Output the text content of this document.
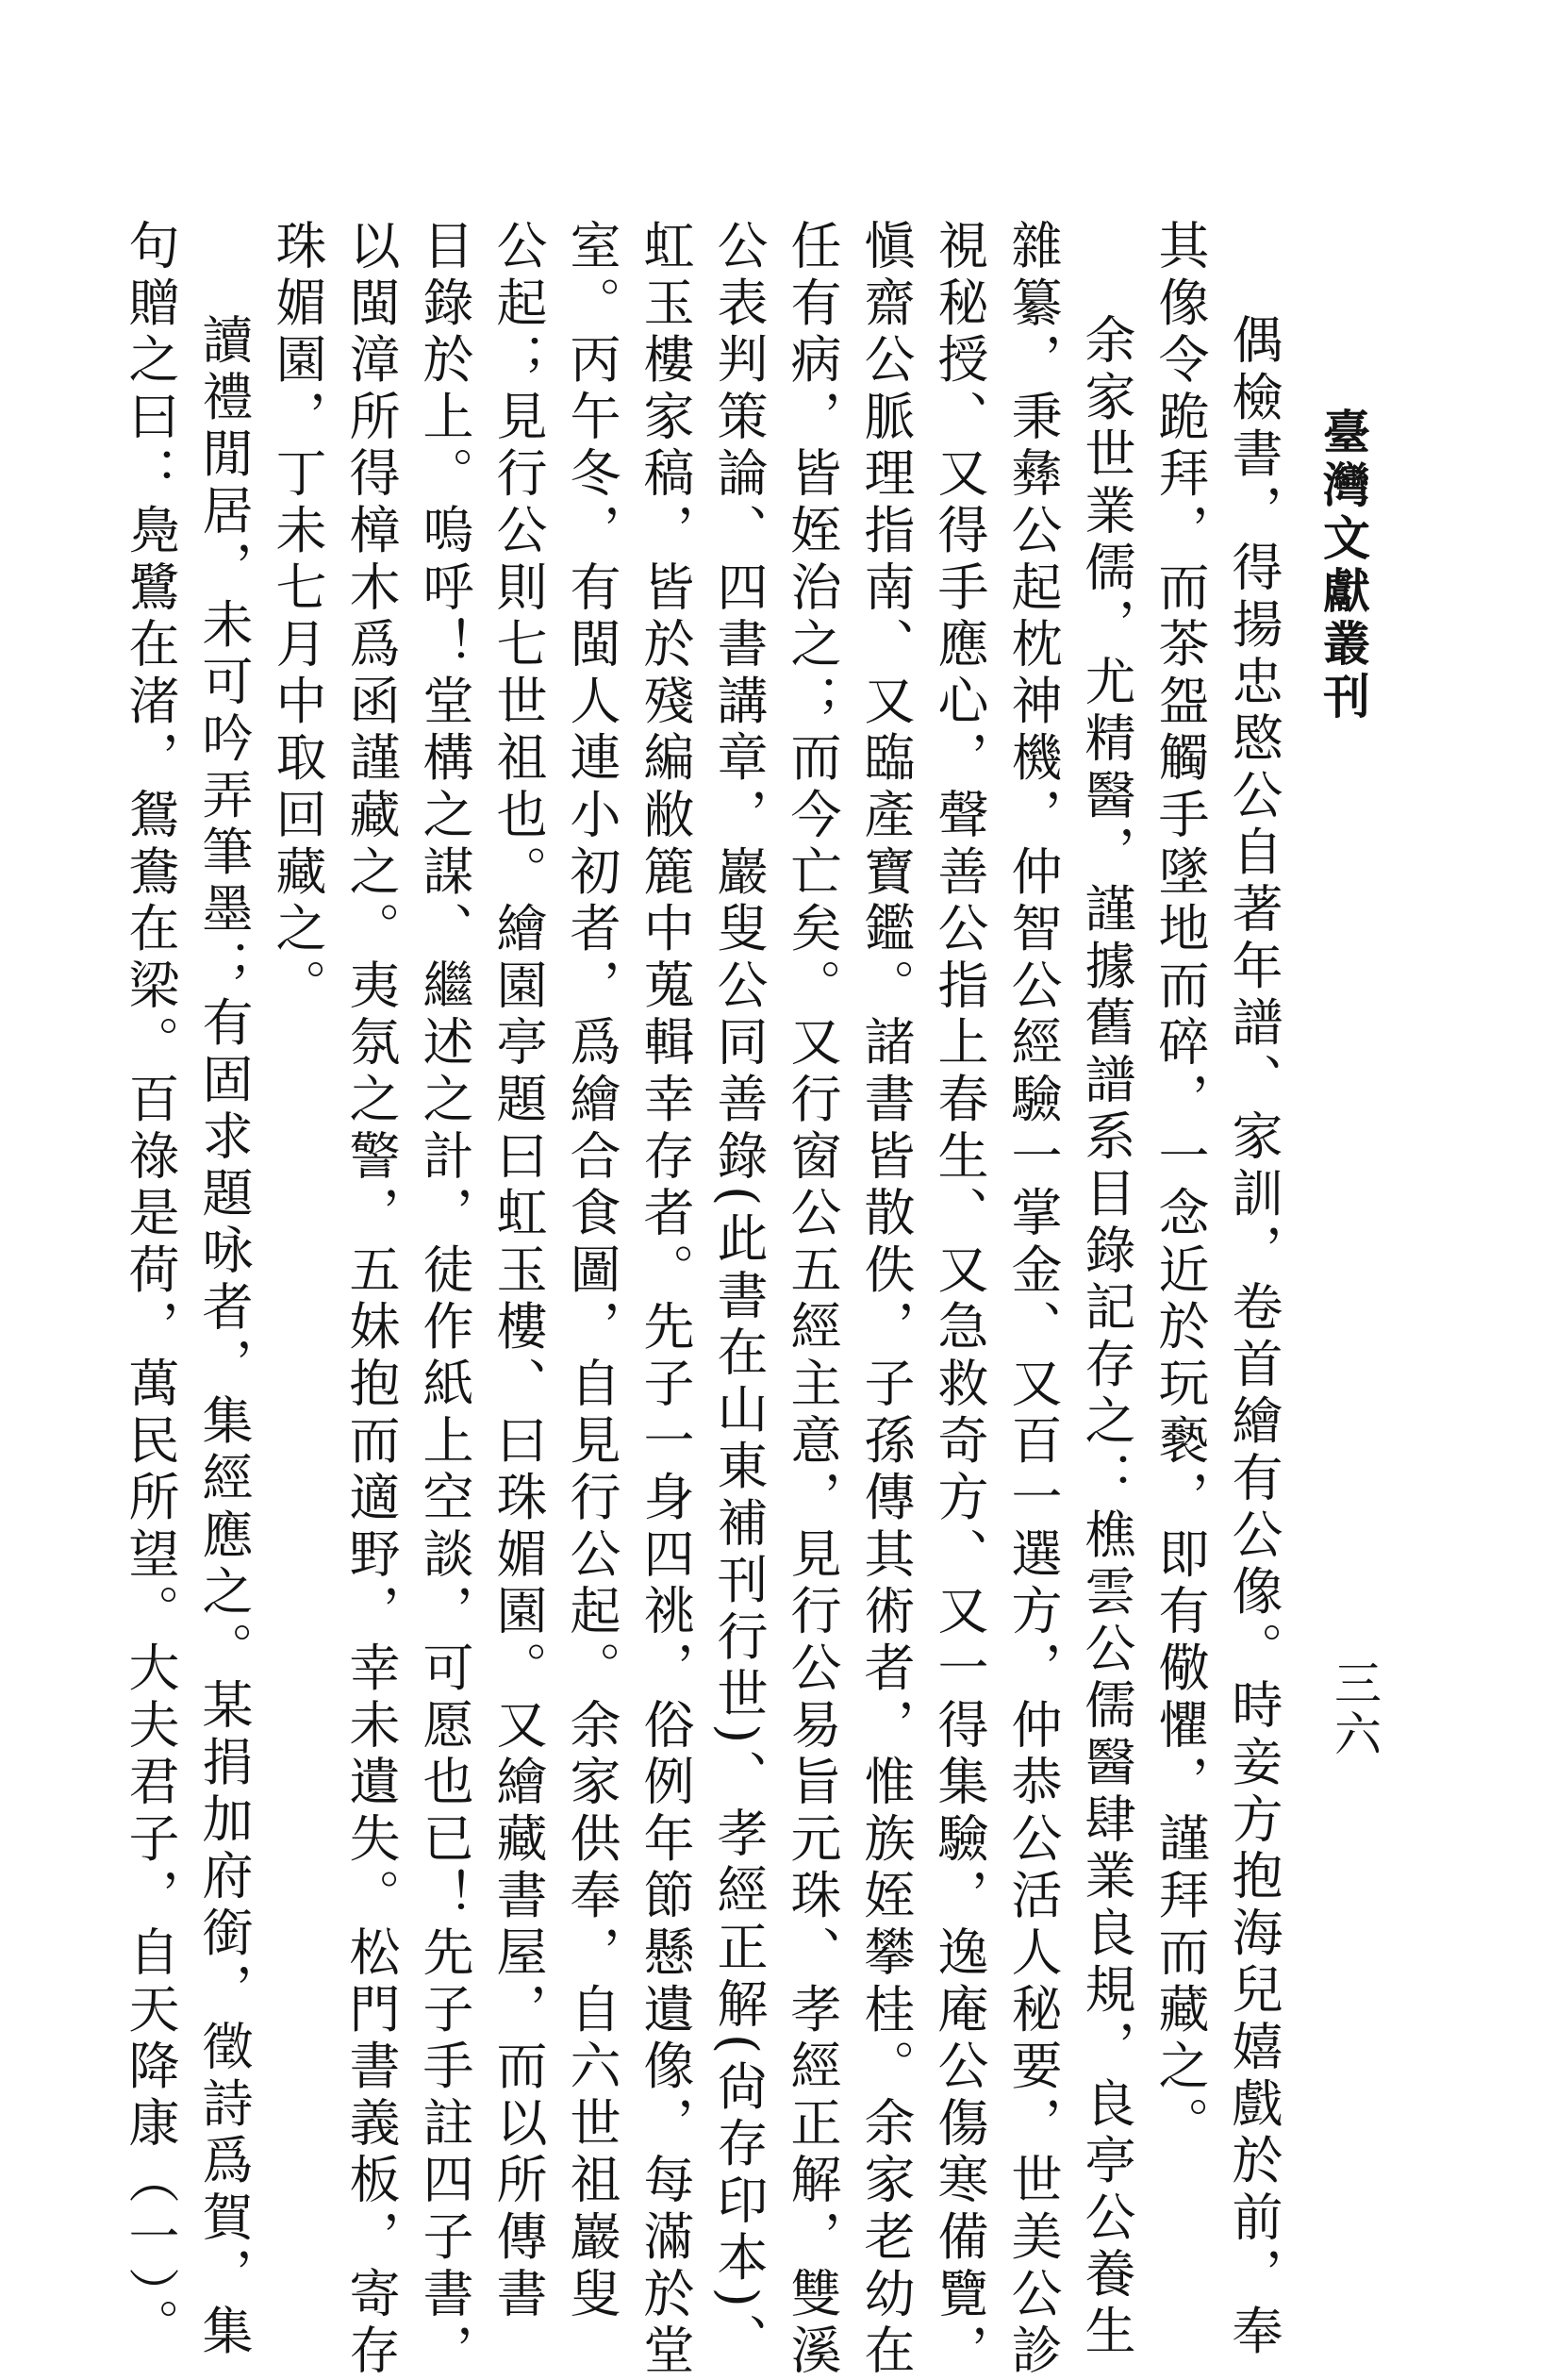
臺灣文獻叢刊
三六
偶檢書，得揚忠愍公自著年譜、家訓，卷首繪有公像。時妾方抱海兒嬉戲於前，奉
其像令跪拜，而茶盌觸手墜地而碎，一念近於玩褻，即有儆懼，謹拜而藏之。
余家世業儒，尤精醫，謹據舊譜系目錄記存之：樵雲公儒醫肆業良規，良亭公養生
雜纂，秉彝公起枕神機，仲智公經驗一掌金、又百一選方，仲恭公活人秘要，世美公診
視秘授、又得手應心，聲善公指上春生、又急救奇方、又一得集驗，逸庵公傷寒備覽，
愼齋公脈理指南、又臨產寶鑑。諸書皆散佚，子孫傳其術者，惟族姪攀桂。余家老幼在
任有病，皆姪治之；而今亡矣。又行窗公五經主意，見行公易旨元珠、孝經正解，雙溪
公表判策論、四書講章，巖叟公同善錄(此書在山東補刊行世)、孝經正解(尙存印本)、
虹玉樓家稿，皆於殘編敝簏中蒐輯幸存者。先子一身四祧，俗例年節懸遺像，每滿於堂
室。丙午冬，有閩人連小初者，爲繪合食圖，自見行公起。余家供奉，自六世祖巖叟
公起；見行公則七世祖也。繪園亭題曰虹玉樓、曰珠媚園。又繪藏書屋，而以所傳書
目錄於上。嗚呼！堂構之謀、繼述之計，徒作紙上空談，可愿也已！先子手註四子書，
以閩漳所得樟木爲函謹藏之。夷氛之警，五妹抱而適野，幸未遺失。松門書義板，寄存
珠媚園，丁未七月中取回藏之。
讀禮閒居，未可吟弄筆墨；有固求題咏者，集經應之。某捐加府銜，徵詩爲賀，集
句贈之曰：鳧鷺在渚，鴛鴦在梁。百祿是荷，萬民所望。大夫君子，自天降康（一）。
